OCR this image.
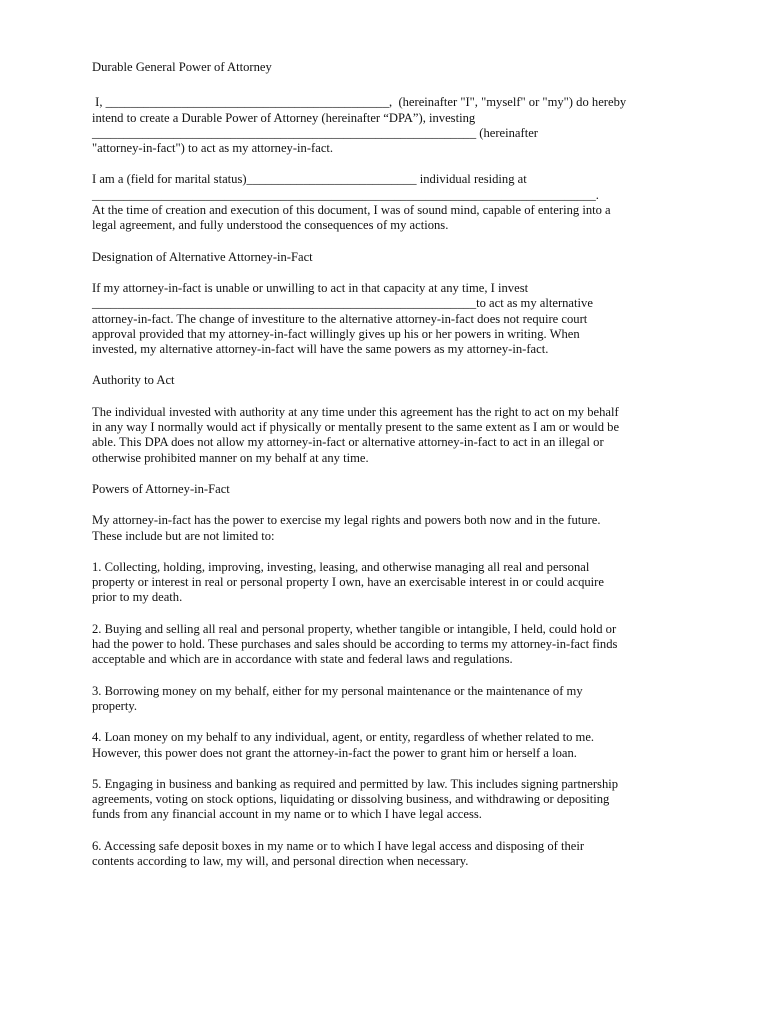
Durable General Power of Attorney
I, _____________________________________________,  (hereinafter "I", "myself" or "my") do hereby
intend to create a Durable Power of Attorney (hereinafter “DPA”), investing
_____________________________________________________________ (hereinafter
"attorney-in-fact") to act as my attorney-in-fact.
I am a (field for marital status)___________________________ individual residing at
________________________________________________________________________________.
At the time of creation and execution of this document, I was of sound mind, capable of entering into a
legal agreement, and fully understood the consequences of my actions.
Designation of Alternative Attorney-in-Fact
If my attorney-in-fact is unable or unwilling to act in that capacity at any time, I invest
_____________________________________________________________to act as my alternative
attorney-in-fact. The change of investiture to the alternative attorney-in-fact does not require court
approval provided that my attorney-in-fact willingly gives up his or her powers in writing. When
invested, my alternative attorney-in-fact will have the same powers as my attorney-in-fact.
Authority to Act
The individual invested with authority at any time under this agreement has the right to act on my behalf
in any way I normally would act if physically or mentally present to the same extent as I am or would be
able. This DPA does not allow my attorney-in-fact or alternative attorney-in-fact to act in an illegal or
otherwise prohibited manner on my behalf at any time.
Powers of Attorney-in-Fact
My attorney-in-fact has the power to exercise my legal rights and powers both now and in the future.
These include but are not limited to:
1. Collecting, holding, improving, investing, leasing, and otherwise managing all real and personal
property or interest in real or personal property I own, have an exercisable interest in or could acquire
prior to my death.
2. Buying and selling all real and personal property, whether tangible or intangible, I held, could hold or
had the power to hold. These purchases and sales should be according to terms my attorney-in-fact finds
acceptable and which are in accordance with state and federal laws and regulations.
3. Borrowing money on my behalf, either for my personal maintenance or the maintenance of my
property.
4. Loan money on my behalf to any individual, agent, or entity, regardless of whether related to me.
However, this power does not grant the attorney-in-fact the power to grant him or herself a loan.
5. Engaging in business and banking as required and permitted by law. This includes signing partnership
agreements, voting on stock options, liquidating or dissolving business, and withdrawing or depositing
funds from any financial account in my name or to which I have legal access.
6. Accessing safe deposit boxes in my name or to which I have legal access and disposing of their
contents according to law, my will, and personal direction when necessary.
